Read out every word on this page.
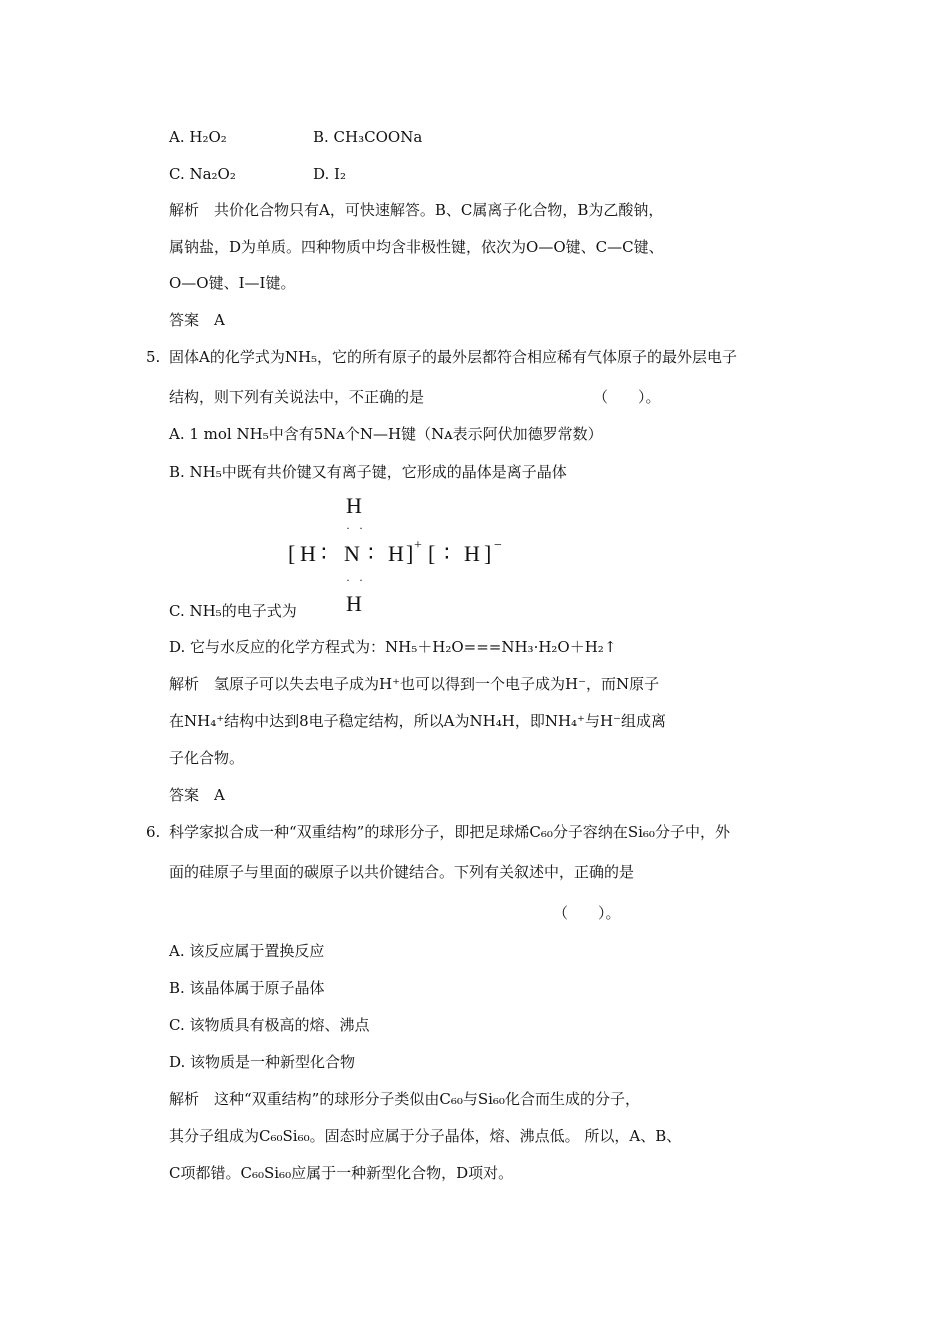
A. H₂O₂	B. CH₃COONa
C. Na₂O₂	D. I₂
解析　共价化合物只有A，可快速解答。B、C属离子化合物，B为乙酸钠，
属钠盐，D为单质。四种物质中均含非极性键，依次为O—O键、C—C键、
O—O键、I—I键。
答案　A
5. 固体A的化学式为NH₅，它的所有原子的最外层都符合相应稀有气体原子的最外层电子
结构，则下列有关说法中，不正确的是	（　　）。
A. 1 mol NH₅中含有5Nᴀ个N—H键（Nᴀ表示阿伏加德罗常数）
B. NH₅中既有共价键又有离子键，它形成的晶体是离子晶体
H
· ·
[ H ∶ N ∶ H ] + [ ∶ H ] −
· ·
H
C. NH₅的电子式为
D. 它与水反应的化学方程式为：NH₅＋H₂O===NH₃·H₂O＋H₂↑
解析　氢原子可以失去电子成为H⁺也可以得到一个电子成为H⁻，而N原子
在NH₄⁺结构中达到8电子稳定结构，所以A为NH₄H，即NH₄⁺与H⁻组成离
子化合物。
答案　A
6. 科学家拟合成一种“双重结构”的球形分子，即把足球烯C₆₀分子容纳在Si₆₀分子中，外
面的硅原子与里面的碳原子以共价键结合。下列有关叙述中，正确的是
（　　）。
A. 该反应属于置换反应
B. 该晶体属于原子晶体
C. 该物质具有极高的熔、沸点
D. 该物质是一种新型化合物
解析　这种“双重结构”的球形分子类似由C₆₀与Si₆₀化合而生成的分子，
其分子组成为C₆₀Si₆₀。固态时应属于分子晶体，熔、沸点低。 所以，A、B、
C项都错。C₆₀Si₆₀应属于一种新型化合物，D项对。
